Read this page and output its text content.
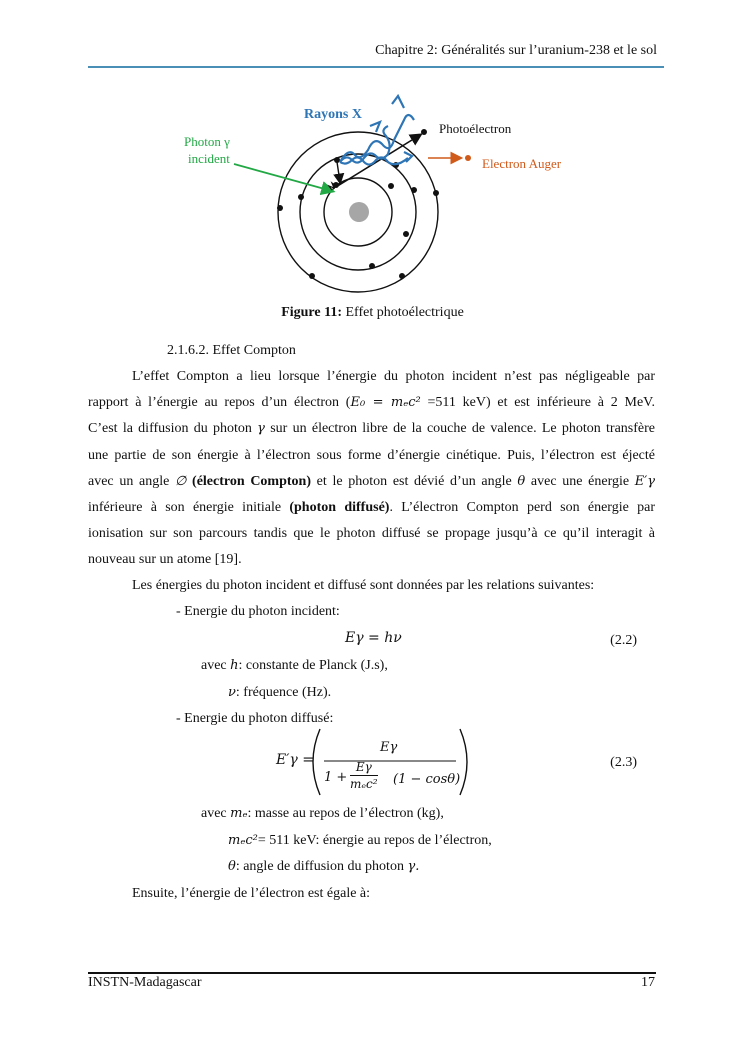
Chapitre 2: Généralités sur l’uranium-238 et le sol
Rayons X
Photon γ
incident
Photoélectron
Electron Auger
Figure 11: Effet photoélectrique
2.1.6.2. Effet Compton
L’effet Compton a lieu lorsque l’énergie du photon incident n’est pas négligeable par
rapport à l’énergie au repos d’un électron (E₀ = mₑc² =511 keV) et est inférieure à 2 MeV.
C’est la diffusion du photon γ sur un électron libre de la couche de valence. Le photon transfère
une partie de son énergie à l’électron sous forme d’énergie cinétique. Puis, l’électron est éjecté
avec un angle ∅ (électron Compton) et le photon est dévié d’un angle θ avec une énergie E′γ
inférieure à son énergie initiale (photon diffusé). L’électron Compton perd son énergie par
ionisation sur son parcours tandis que le photon diffusé se propage jusqu’à ce qu’il interagit à
nouveau sur un atome [19].
Les énergies du photon incident et diffusé sont données par les relations suivantes:
- Energie du photon incident:
Eγ = hν	(2.2)
avec h: constante de Planck (J.s),
ν: fréquence (Hz).
- Energie du photon diffusé:
E′γ =
Eγ
$1 + \frac{E\gamma}{\text{mₑc²}} (1 - \cos\theta)$
(2.3)
avec mₑ: masse au repos de l’électron (kg),
mₑc²= 511 keV: énergie au repos de l’électron,
θ: angle de diffusion du photon γ.
Ensuite, l’énergie de l’électron est égale à:
INSTN-Madagascar	17
